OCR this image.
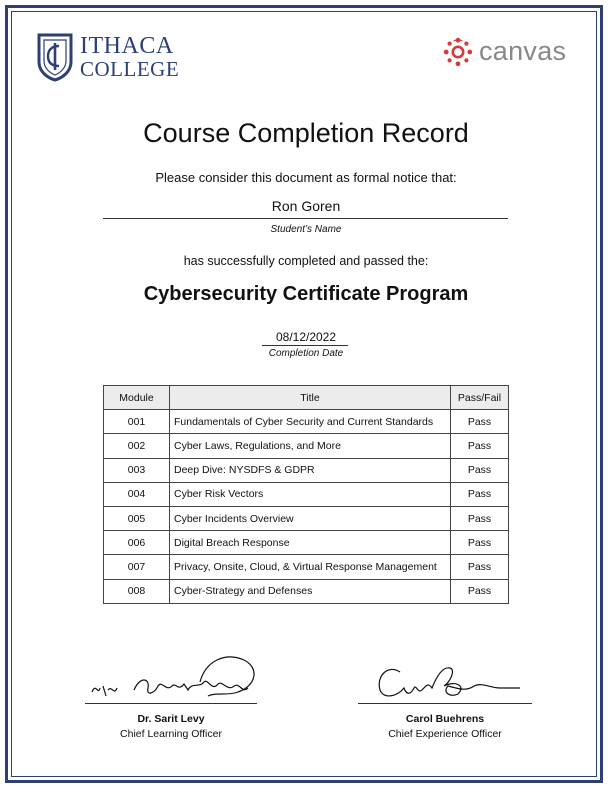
ITHACA
COLLEGE
canvas
Course Completion Record
Please consider this document as formal notice that:
Ron Goren
Student’s Name
has successfully completed and passed the:
Cybersecurity Certificate Program
08/12/2022
Completion Date
Module	Title	Pass/Fail
001	Fundamentals of Cyber Security and Current Standards	Pass
002	Cyber Laws, Regulations, and More	Pass
003	Deep Dive: NYSDFS & GDPR	Pass
004	Cyber Risk Vectors	Pass
005	Cyber Incidents Overview	Pass
006	Digital Breach Response	Pass
007	Privacy, Onsite, Cloud, & Virtual Response Management	Pass
008	Cyber-Strategy and Defenses	Pass
Dr. Sarit Levy
Chief Learning Officer
Carol Buehrens
Chief Experience Officer
